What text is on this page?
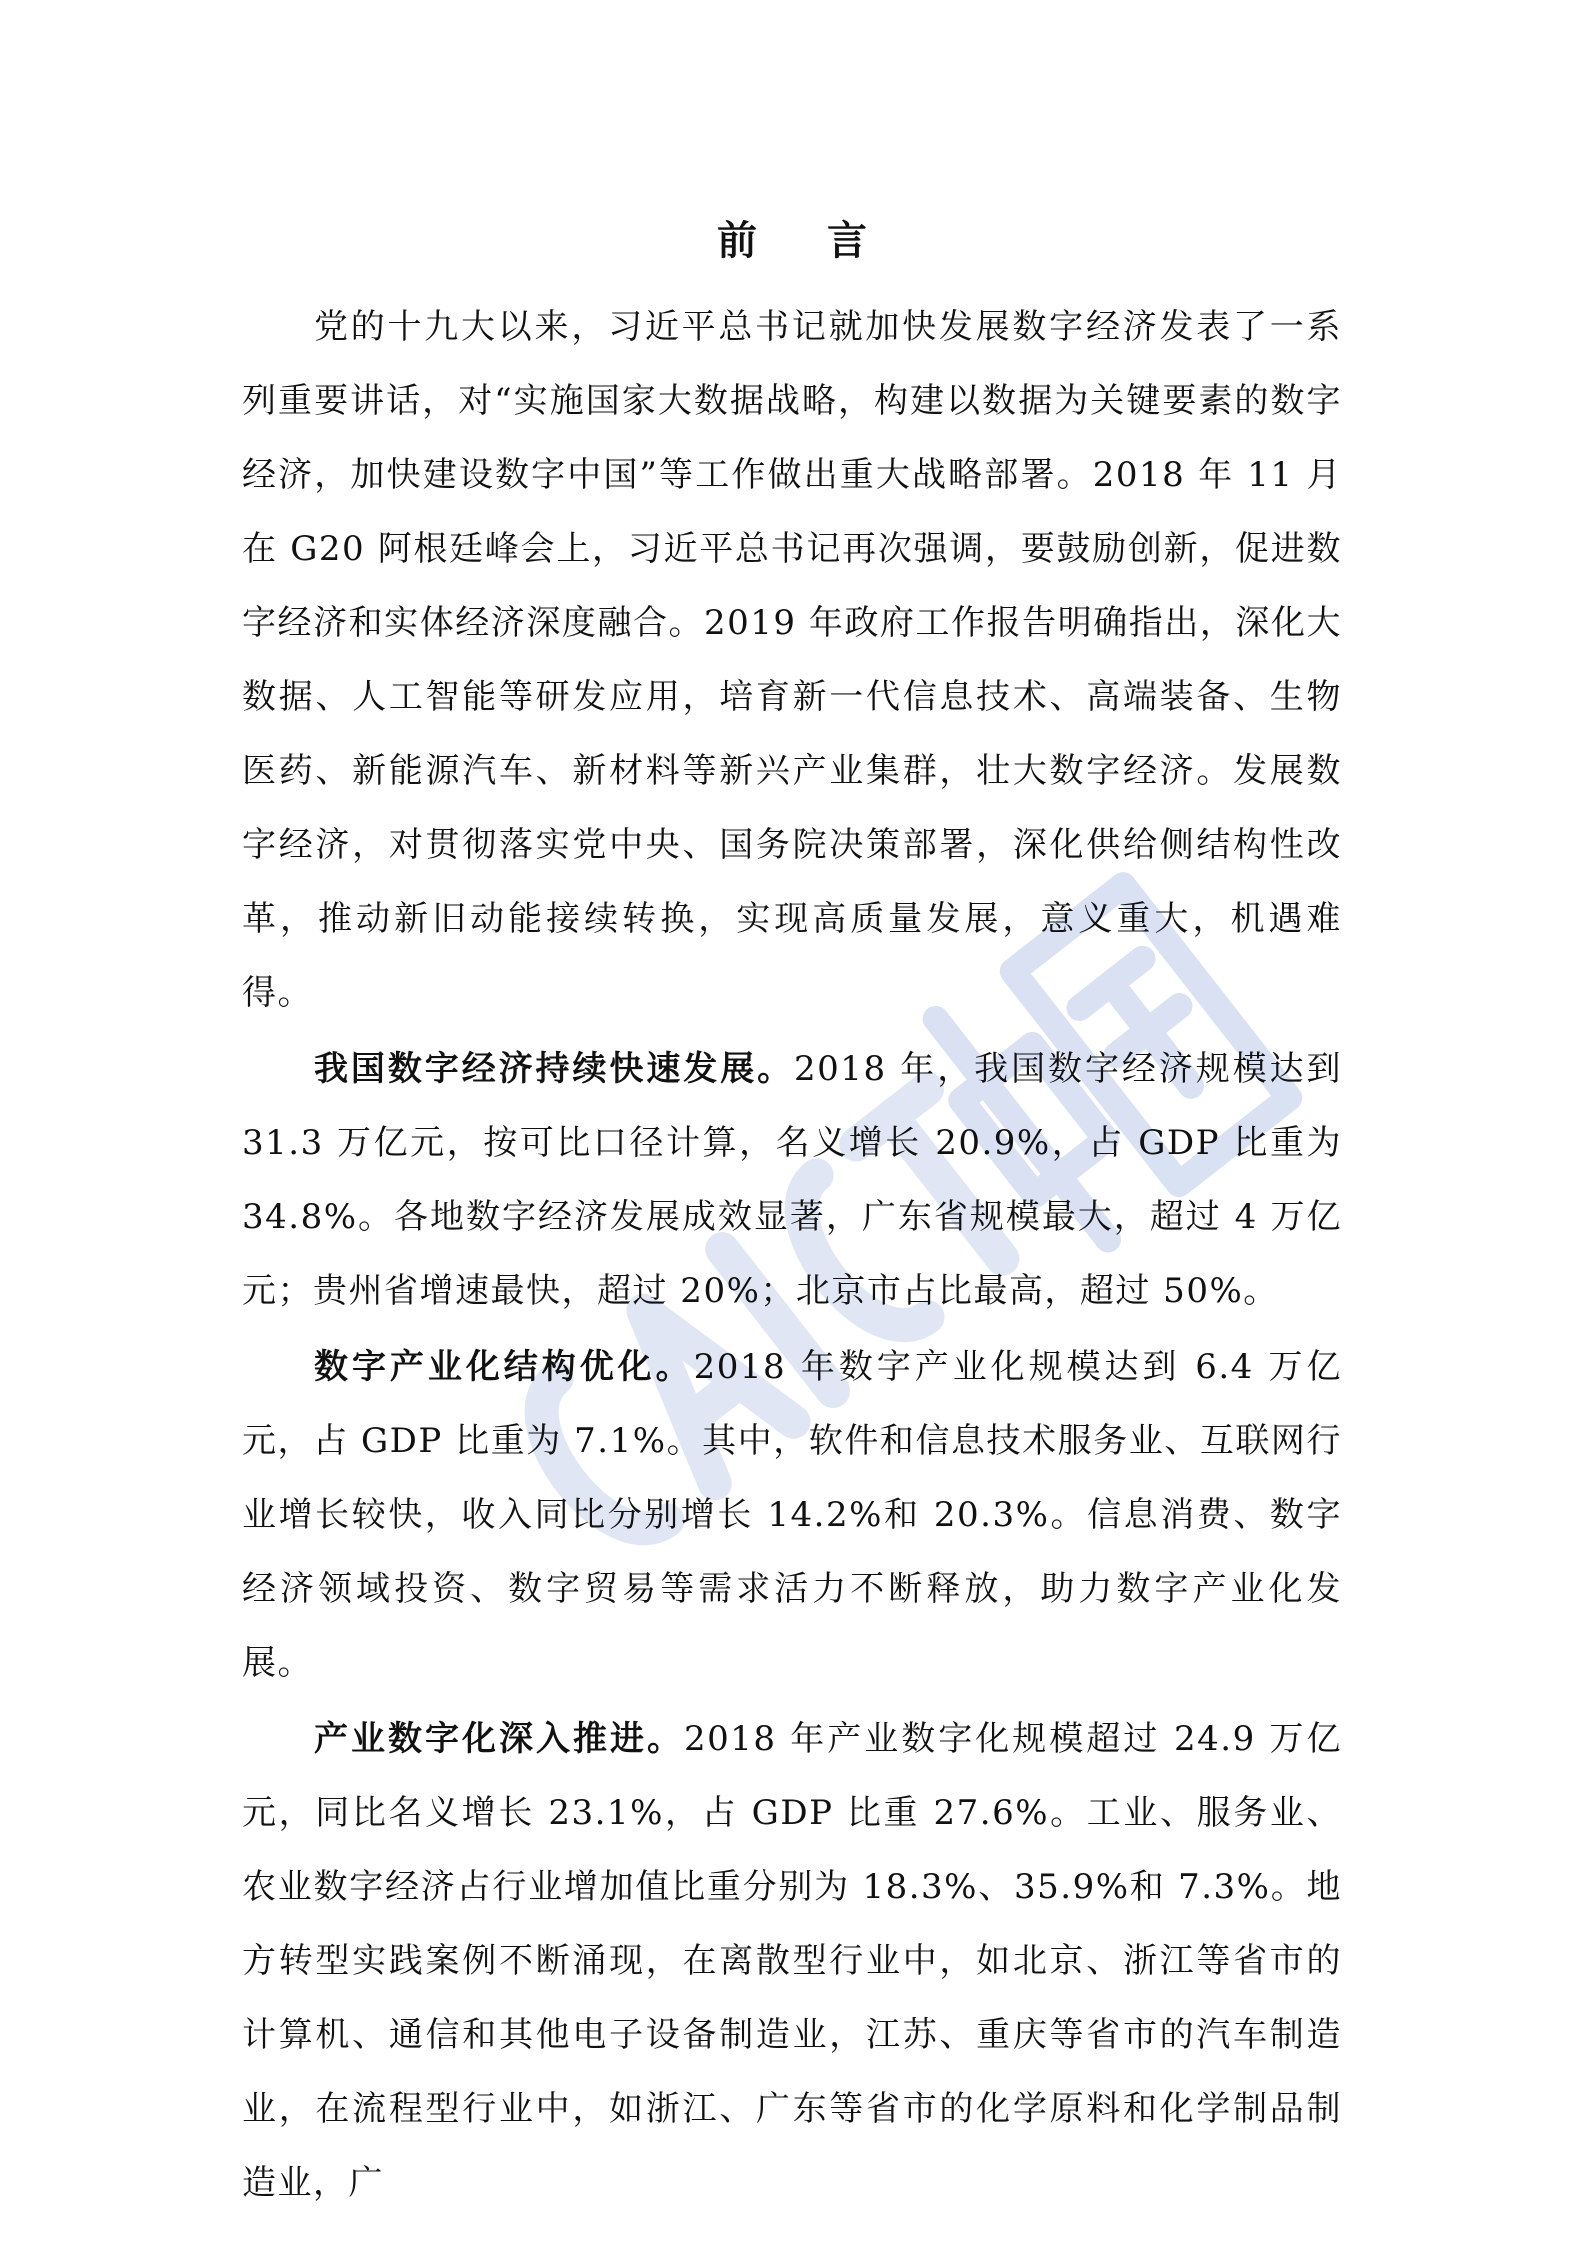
前 言

党的十九大以来，习近平总书记就加快发展数字经济发表了一系列重要讲话，对“实施国家大数据战略，构建以数据为关键要素的数字经济，加快建设数字中国”等工作做出重大战略部署。2018 年 11 月在 G20 阿根廷峰会上，习近平总书记再次强调，要鼓励创新，促进数字经济和实体经济深度融合。2019 年政府工作报告明确指出，深化大数据、人工智能等研发应用，培育新一代信息技术、高端装备、生物医药、新能源汽车、新材料等新兴产业集群，壮大数字经济。发展数字经济，对贯彻落实党中央、国务院决策部署，深化供给侧结构性改革，推动新旧动能接续转换，实现高质量发展，意义重大，机遇难得。

我国数字经济持续快速发展。2018 年，我国数字经济规模达到 31.3 万亿元，按可比口径计算，名义增长 20.9%，占 GDP 比重为 34.8%。各地数字经济发展成效显著，广东省规模最大，超过 4 万亿元；贵州省增速最快，超过 20%；北京市占比最高，超过 50%。

数字产业化结构优化。2018 年数字产业化规模达到 6.4 万亿元，占 GDP 比重为 7.1%。其中，软件和信息技术服务业、互联网行业增长较快，收入同比分别增长 14.2%和 20.3%。信息消费、数字经济领域投资、数字贸易等需求活力不断释放，助力数字产业化发展。

产业数字化深入推进。2018 年产业数字化规模超过 24.9 万亿元，同比名义增长 23.1%，占 GDP 比重 27.6%。工业、服务业、农业数字经济占行业增加值比重分别为 18.3%、35.9%和 7.3%。地方转型实践案例不断涌现，在离散型行业中，如北京、浙江等省市的计算机、通信和其他电子设备制造业，江苏、重庆等省市的汽车制造业，在流程型行业中，如浙江、广东等省市的化学原料和化学制品制造业，广
